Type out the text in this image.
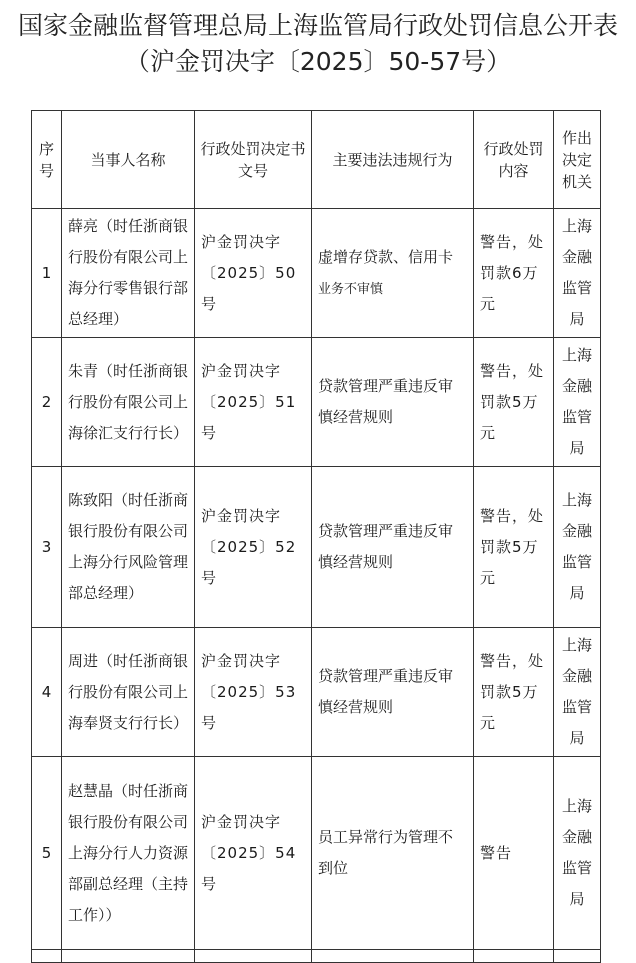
国家金融监督管理总局上海监管局行政处罚信息公开表
（沪金罚决字〔2025〕50-57号）
序号	当事人名称	行政处罚决定书文号	主要违法违规行为	行政处罚内容	作出决定机关
1	薛亮（时任浙商银行股份有限公司上海分行零售银行部总经理）	沪金罚决字〔2025〕50号	虚增存贷款、信用卡
业务不审慎	警告，处罚款6万元	上海金融监管局
2	朱青（时任浙商银行股份有限公司上海徐汇支行行长）	沪金罚决字〔2025〕51号	贷款管理严重违反审慎经营规则	警告，处罚款5万元	上海金融监管局
3	陈致阳（时任浙商银行股份有限公司上海分行风险管理部总经理）	沪金罚决字〔2025〕52号	贷款管理严重违反审慎经营规则	警告，处罚款5万元	上海金融监管局
4	周进（时任浙商银行股份有限公司上海奉贤支行行长）	沪金罚决字〔2025〕53号	贷款管理严重违反审慎经营规则	警告，处罚款5万元	上海金融监管局
5	赵慧晶（时任浙商银行股份有限公司上海分行人力资源部副总经理（主持工作））	沪金罚决字〔2025〕54号	员工异常行为管理不到位	警告	上海金融监管局
